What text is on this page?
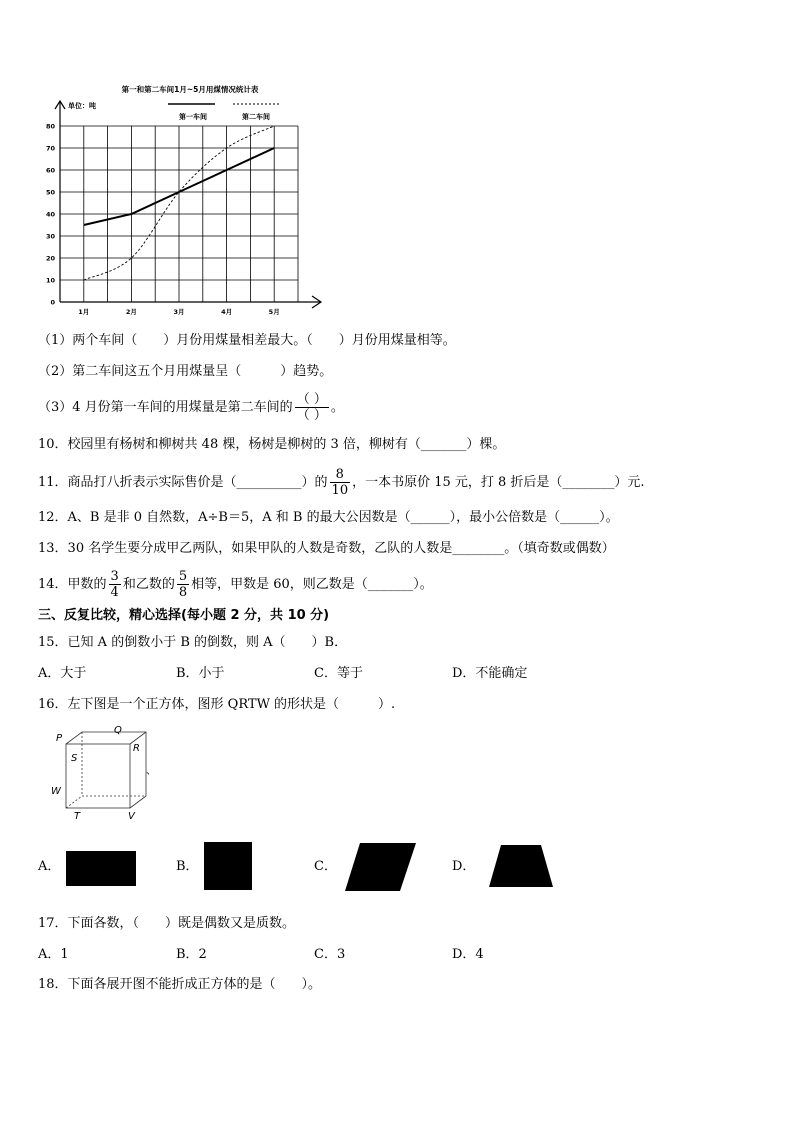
第一和第二车间1月~5月用煤情况统计表
单位：吨
第一车间	第二车间
0
10
20
30
40
50
60
70
80
1月	2月	3月	4月	5月
（1）两个车间（　　）月份用煤量相差最大。（　　）月份用煤量相等。
（2）第二车间这五个月用煤量呈（　　　）趋势。
（3）4 月份第一车间的用煤量是第二车间的 $\frac{( )}{( )}$ 。
10．校园里有杨树和柳树共 48 棵，杨树是柳树的 3 倍，柳树有（_______）棵。
11．商品打八折表示实际售价是（__________）的 $\frac{8}{10}$ ，一本书原价 15 元，打 8 折后是（________）元.
12．A、B 是非 0 自然数，A÷B＝5，A 和 B 的最大公因数是（______），最小公倍数是（______）。
13．30 名学生要分成甲乙两队，如果甲队的人数是奇数，乙队的人数是________。（填奇数或偶数）
14．甲数的 $\frac{3}{4}$ 和乙数的 $\frac{5}{8}$ 相等，甲数是 60，则乙数是（_______）。
三、反复比较，精心选择(每小题 2 分，共 10 分)
15．已知 A 的倒数小于 B 的倒数，则 A（　　）B．
A．大于	B．小于	C．等于	D．不能确定
16．左下图是一个正方体，图形 QRTW 的形状是（　　　）.
P
Q
R
S
W
T	V
、
A．	B．	C．	D．
17．下面各数，（　　）既是偶数又是质数。
A．1	B．2	C．3	D．4
18．下面各展开图不能折成正方体的是（　　）。
